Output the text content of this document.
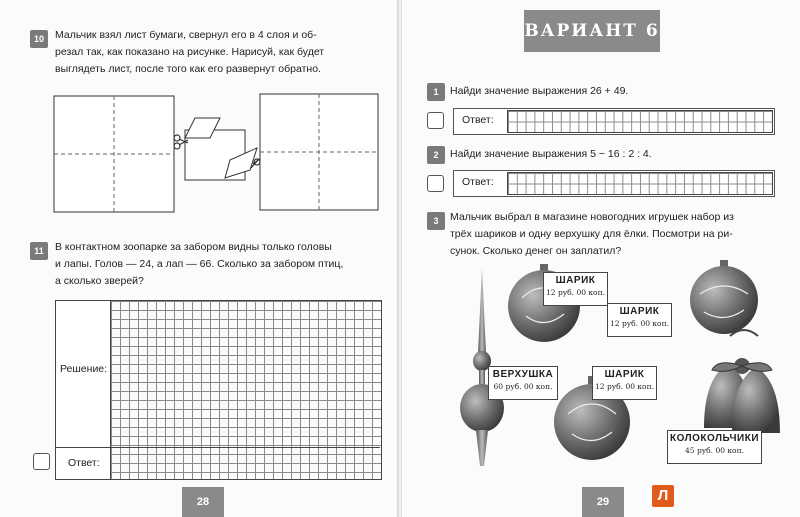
10	Мальчик взял лист бумаги, свернул его в 4 слоя и об-
резал так, как показано на рисунке. Нарисуй, как будет
выглядеть лист, после того как его развернут обратно.
11	В контактном зоопарке за забором видны только головы
и лапы. Голов — 24, а лап — 66. Сколько за забором птиц,
а сколько зверей?
Решение:
Ответ:
28
ВАРИАНТ 6
1	Найди значение выражения 26 + 49.
Ответ:
2	Найди значение выражения 5 − 16 : 2 : 4.
Ответ:
3	Мальчик выбрал в магазине новогодних игрушек набор из
трёх шариков и одну верхушку для ёлки. Посмотри на ри-
сунок. Сколько денег он заплатил?
ШАРИК
12 руб. 00 коп.
ШАРИК
12 руб. 00 коп.
ВЕРХУШКА
60 руб. 00 коп.
ШАРИК
12 руб. 00 коп.
КОЛОКОЛЬЧИКИ
45 руб. 00 коп.
29	Л
